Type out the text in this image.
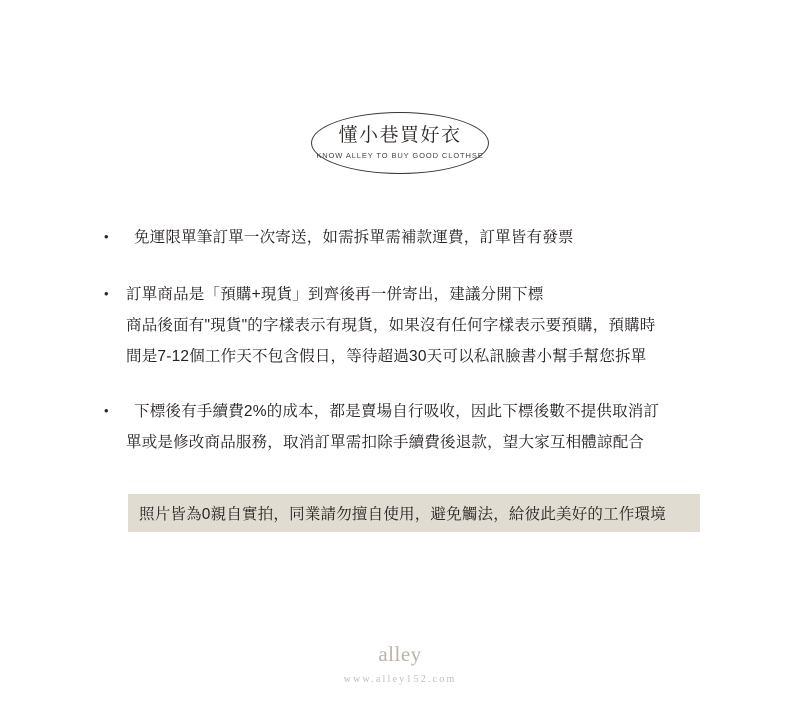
懂小巷買好衣
KNOW ALLEY TO BUY GOOD CLOTHSE
•	免運限單筆訂單一次寄送，如需拆單需補款運費，訂單皆有發票
•	訂單商品是「預購+現貨」到齊後再一併寄出，建議分開下標
商品後面有"現貨"的字樣表示有現貨，如果沒有任何字樣表示要預購，預購時
間是7-12個工作天不包含假日，等待超過30天可以私訊臉書小幫手幫您拆單
•	下標後有手續費2%的成本，都是賣場自行吸收，因此下標後數不提供取消訂
單或是修改商品服務，取消訂單需扣除手續費後退款，望大家互相體諒配合
照片皆為0親自實拍，同業請勿擅自使用，避免觸法，給彼此美好的工作環境
alley
www.alley152.com
